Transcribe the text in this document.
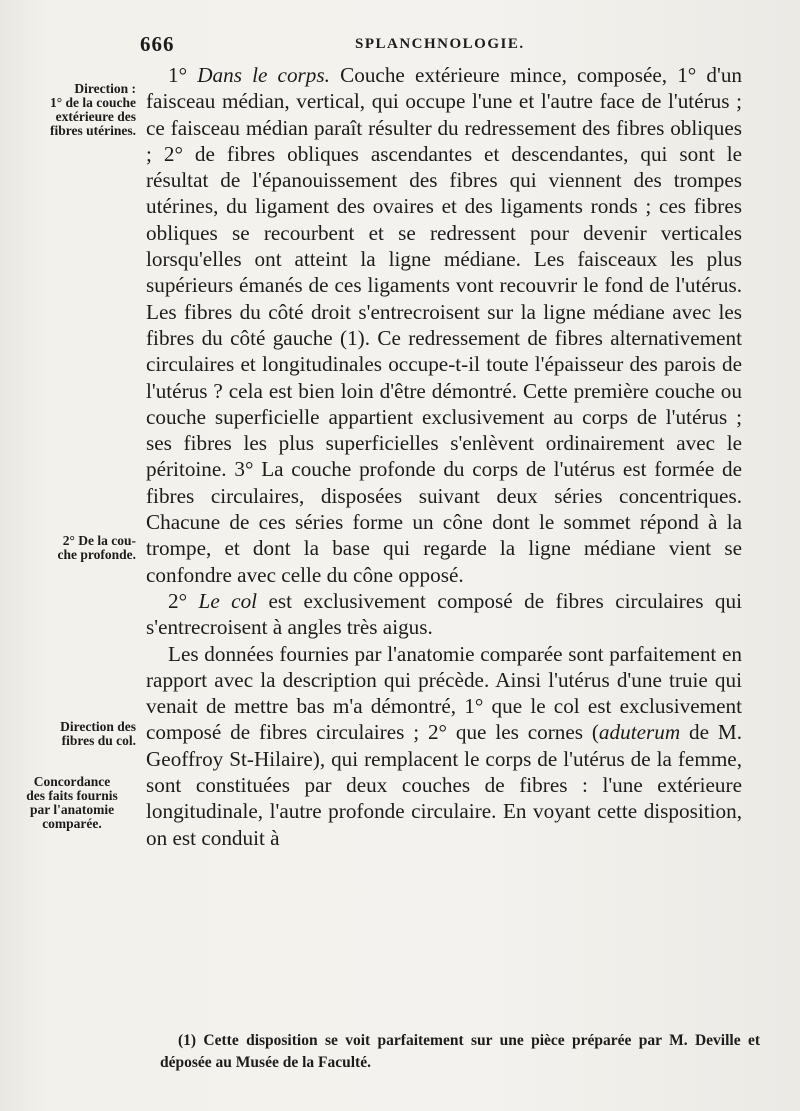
666	SPLANCHNOLOGIE.
Direction :
1° de la couche
extérieure des
fibres utérines.
2° De la cou-
che profonde.
Direction des
fibres du col.
Concordance
des faits fournis
par l'anatomie
comparée.

1° Dans le corps. Couche extérieure mince, composée, 1° d'un faisceau médian, vertical, qui occupe l'une et l'autre face de l'utérus ; ce faisceau médian paraît résulter du redressement des fibres obliques ; 2° de fibres obliques ascendantes et descendantes, qui sont le résultat de l'épanouissement des fibres qui viennent des trompes utérines, du ligament des ovaires et des ligaments ronds ; ces fibres obliques se recourbent et se redressent pour devenir verticales lorsqu'elles ont atteint la ligne médiane. Les faisceaux les plus supérieurs émanés de ces ligaments vont recouvrir le fond de l'utérus. Les fibres du côté droit s'entrecroisent sur la ligne médiane avec les fibres du côté gauche (1). Ce redressement de fibres alternativement circulaires et longitudinales occupe-t-il toute l'épaisseur des parois de l'utérus ? cela est bien loin d'être démontré. Cette première couche ou couche superficielle appartient exclusivement au corps de l'utérus ; ses fibres les plus superficielles s'enlèvent ordinairement avec le péritoine. 3° La couche profonde du corps de l'utérus est formée de fibres circulaires, disposées suivant deux séries concentriques. Chacune de ces séries forme un cône dont le sommet répond à la trompe, et dont la base qui regarde la ligne médiane vient se confondre avec celle du cône opposé.

2° Le col est exclusivement composé de fibres circulaires qui s'entrecroisent à angles très aigus.

Les données fournies par l'anatomie comparée sont parfaitement en rapport avec la description qui précède. Ainsi l'utérus d'une truie qui venait de mettre bas m'a démontré, 1° que le col est exclusivement composé de fibres circulaires ; 2° que les cornes (aduterum de M. Geoffroy St-Hilaire), qui remplacent le corps de l'utérus de la femme, sont constituées par deux couches de fibres : l'une extérieure longitudinale, l'autre profonde circulaire. En voyant cette disposition, on est conduit à

(1) Cette disposition se voit parfaitement sur une pièce préparée par M. Deville et déposée au Musée de la Faculté.
